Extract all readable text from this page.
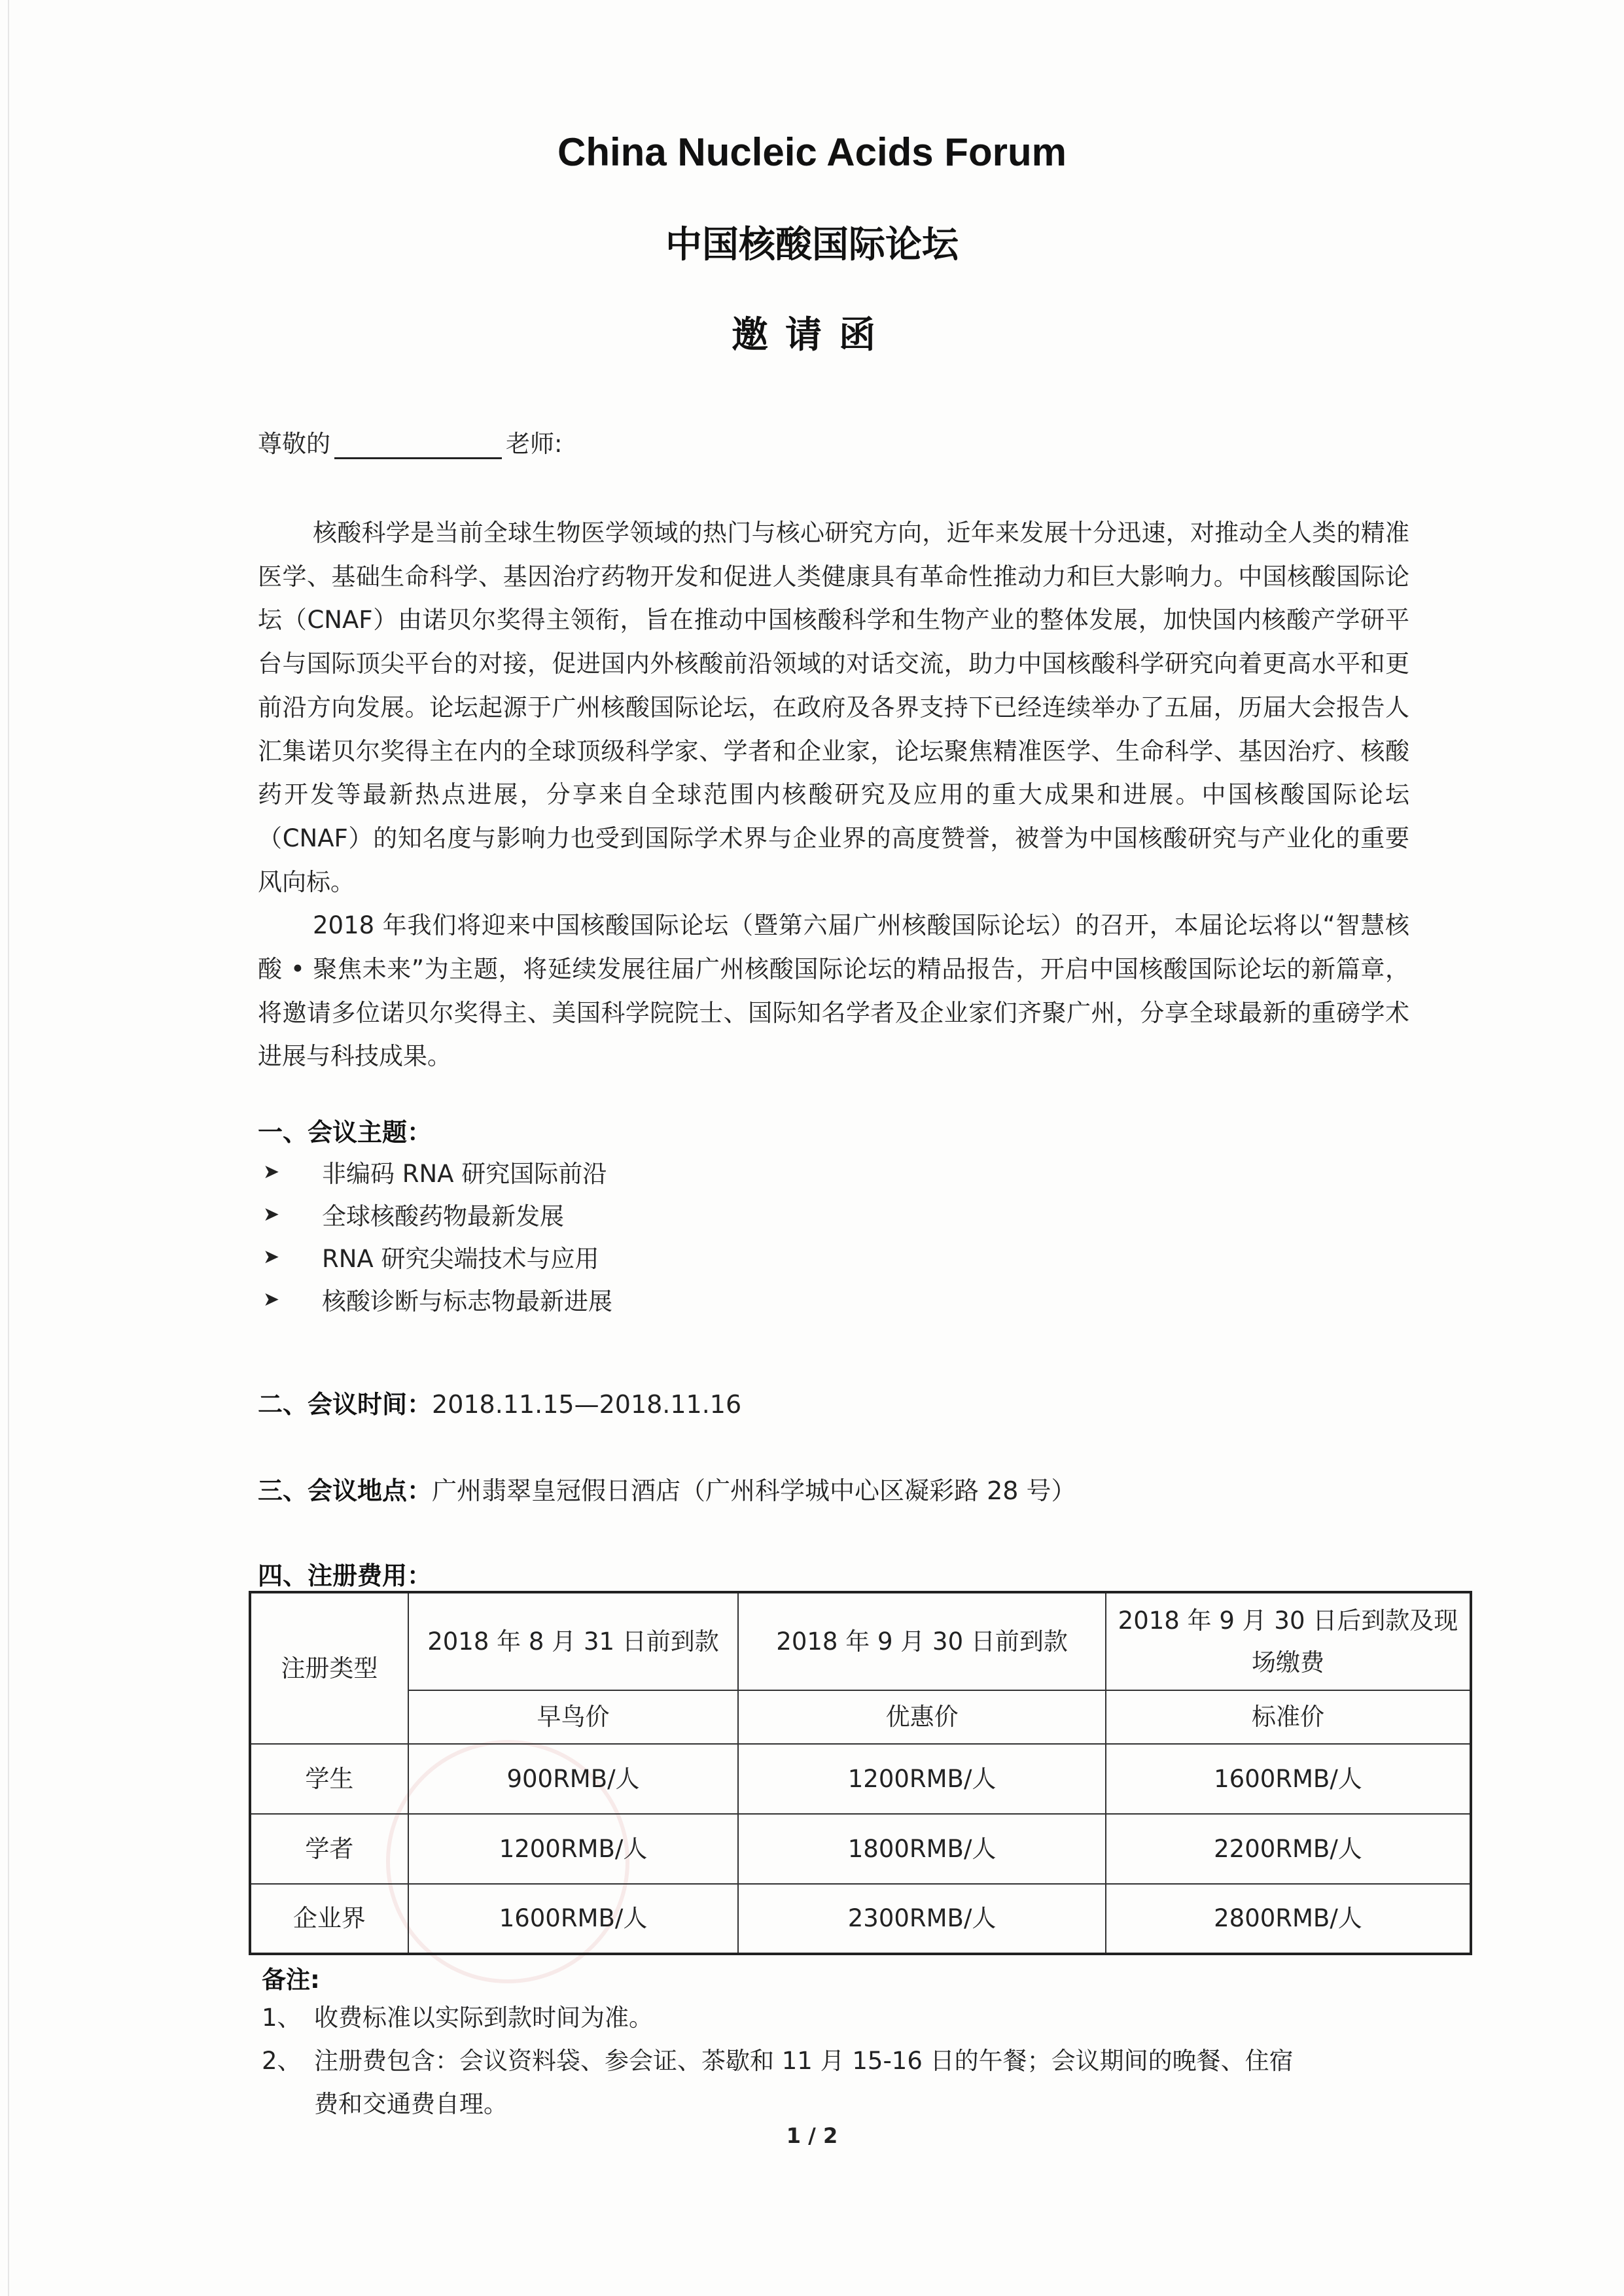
China Nucleic Acids Forum
中国核酸国际论坛
邀请函
尊敬的	老师:

核酸科学是当前全球生物医学领域的热门与核心研究方向，近年来发展十分迅速，对推动全人类的精准医学、基础生命科学、基因治疗药物开发和促进人类健康具有革命性推动力和巨大影响力。中国核酸国际论坛（CNAF）由诺贝尔奖得主领衔，旨在推动中国核酸科学和生物产业的整体发展，加快国内核酸产学研平台与国际顶尖平台的对接，促进国内外核酸前沿领域的对话交流，助力中国核酸科学研究向着更高水平和更前沿方向发展。论坛起源于广州核酸国际论坛，在政府及各界支持下已经连续举办了五届，历届大会报告人汇集诺贝尔奖得主在内的全球顶级科学家、学者和企业家，论坛聚焦精准医学、生命科学、基因治疗、核酸药开发等最新热点进展，分享来自全球范围内核酸研究及应用的重大成果和进展。中国核酸国际论坛（CNAF）的知名度与影响力也受到国际学术界与企业界的高度赞誉，被誉为中国核酸研究与产业化的重要风向标。

2018 年我们将迎来中国核酸国际论坛（暨第六届广州核酸国际论坛）的召开，本届论坛将以“智慧核酸 • 聚焦未来”为主题，将延续发展往届广州核酸国际论坛的精品报告，开启中国核酸国际论坛的新篇章，将邀请多位诺贝尔奖得主、美国科学院院士、国际知名学者及企业家们齐聚广州，分享全球最新的重磅学术进展与科技成果。

一、会议主题：
➤	非编码 RNA 研究国际前沿
➤	全球核酸药物最新发展
➤	RNA 研究尖端技术与应用
➤	核酸诊断与标志物最新进展
二、会议时间：2018.11.15—2018.11.16
三、会议地点：广州翡翠皇冠假日酒店（广州科学城中心区凝彩路 28 号）
四、注册费用：
注册类型	2018 年 8 月 31 日前到款	2018 年 9 月 30 日前到款	2018 年 9 月 30 日后到款及现场缴费
	早鸟价	优惠价	标准价
学生	900RMB/人	1200RMB/人	1600RMB/人
学者	1200RMB/人	1800RMB/人	2200RMB/人
企业界	1600RMB/人	2300RMB/人	2800RMB/人
备注:
1、 收费标准以实际到款时间为准。
2、 注册费包含：会议资料袋、参会证、茶歇和 11 月 15-16 日的午餐；会议期间的晚餐、住宿
费和交通费自理。
1 / 2
